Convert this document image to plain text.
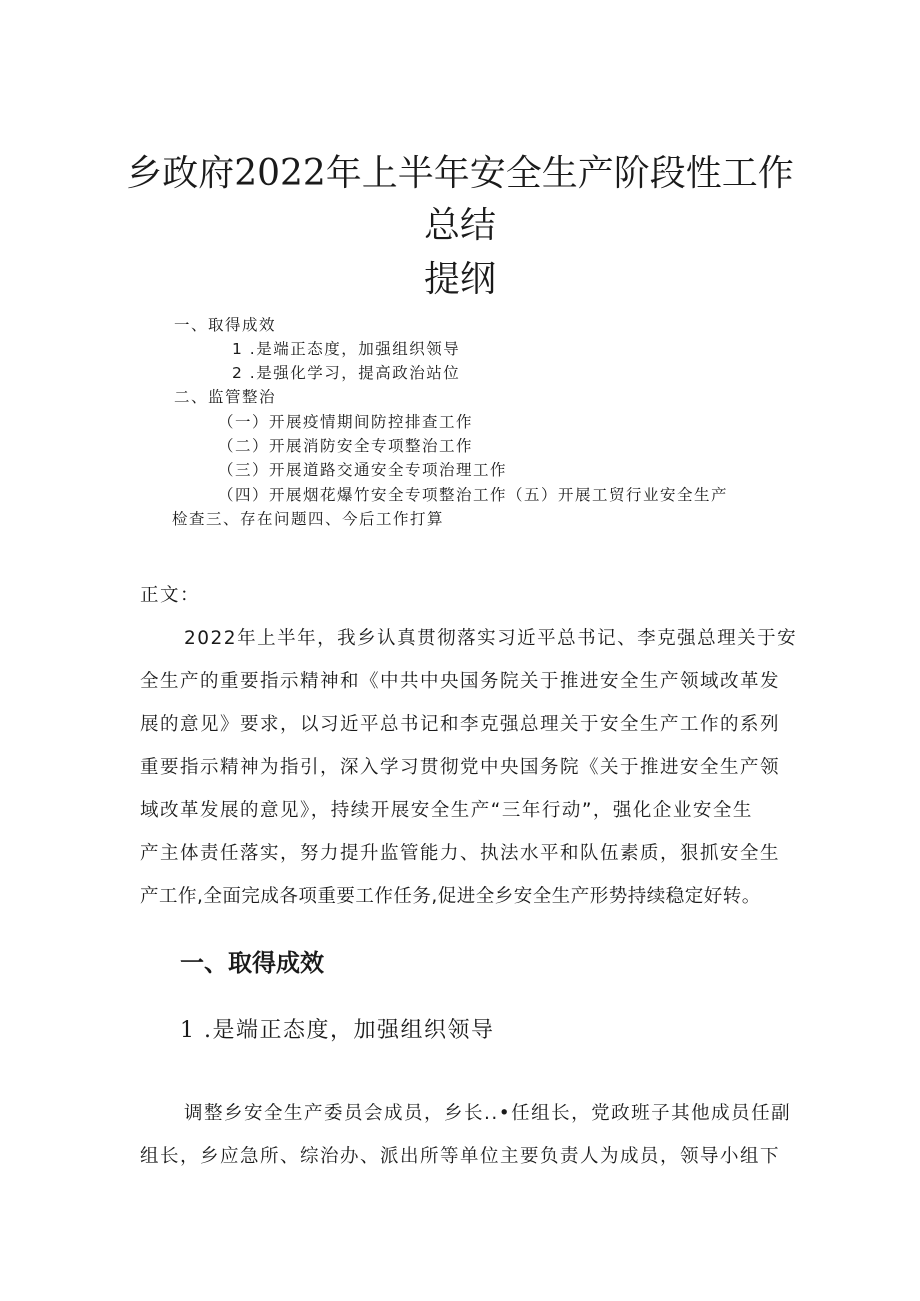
乡政府2022年上半年安全生产阶段性工作
总结
提纲
一、取得成效
1 .是端正态度，加强组织领导
2 .是强化学习，提高政治站位
二、监管整治
（一）开展疫情期间防控排查工作
（二）开展消防安全专项整治工作
（三）开展道路交通安全专项治理工作
（四）开展烟花爆竹安全专项整治工作（五）开展工贸行业安全生产
检查三、存在问题四、今后工作打算
正文：
2022年上半年，我乡认真贯彻落实习近平总书记、李克强总理关于安
全生产的重要指示精神和《中共中央国务院关于推进安全生产领域改革发
展的意见》要求，以习近平总书记和李克强总理关于安全生产工作的系列
重要指示精神为指引，深入学习贯彻党中央国务院《关于推进安全生产领
域改革发展的意见》，持续开展安全生产“三年行动”，强化企业安全生
产主体责任落实，努力提升监管能力、执法水平和队伍素质，狠抓安全生
产工作,全面完成各项重要工作任务,促进全乡安全生产形势持续稳定好转。
一、取得成效
1 .是端正态度，加强组织领导
调整乡安全生产委员会成员，乡长..•任组长，党政班子其他成员任副
组长，乡应急所、综治办、派出所等单位主要负责人为成员，领导小组下
